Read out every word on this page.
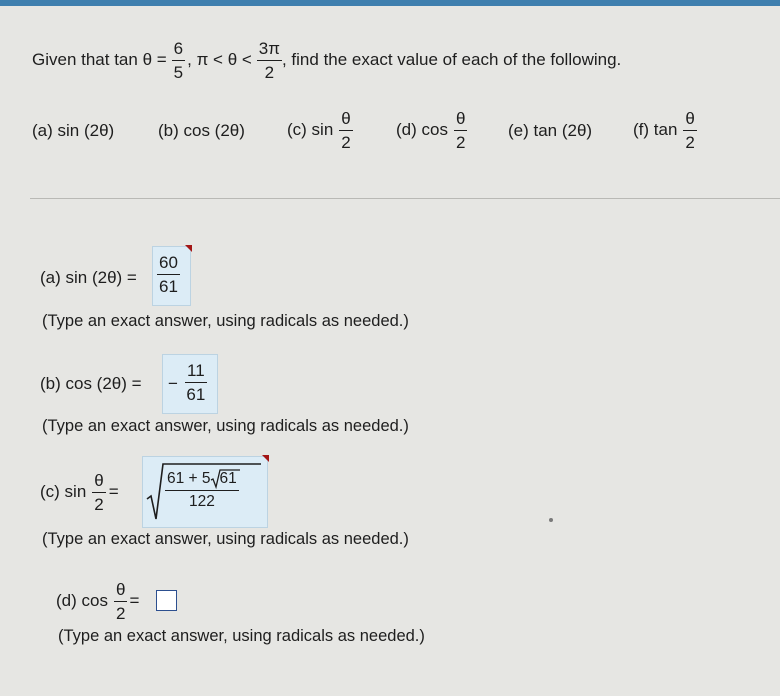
Given that $\tan \theta = \frac{6}{5}$ , $\pi < \theta < \frac{3\pi}{2}$ , find the exact value of each of the following.
(a) sin (2θ)	(b) cos (2θ) (c) $\sin \frac{\theta}{2}$	(d) $\cos \frac{\theta}{2} (e)$ tan (2θ) (f) $\tan \frac{\theta}{2}$
(a) $\sin (2\theta) = \frac{60}{61}$
(Type an exact answer, using radicals as needed.)
(b) cos (2θ) = − $\frac{11}{61}$
(Type an exact answer, using radicals as needed.)
(c) $\sin \frac{\theta}{2}$ =	$\frac{61 + 5 61}{122}$
(Type an exact answer, using radicals as needed.)
(d) $\cos \frac{\theta}{2}$ =
(Type an exact answer, using radicals as needed.)
